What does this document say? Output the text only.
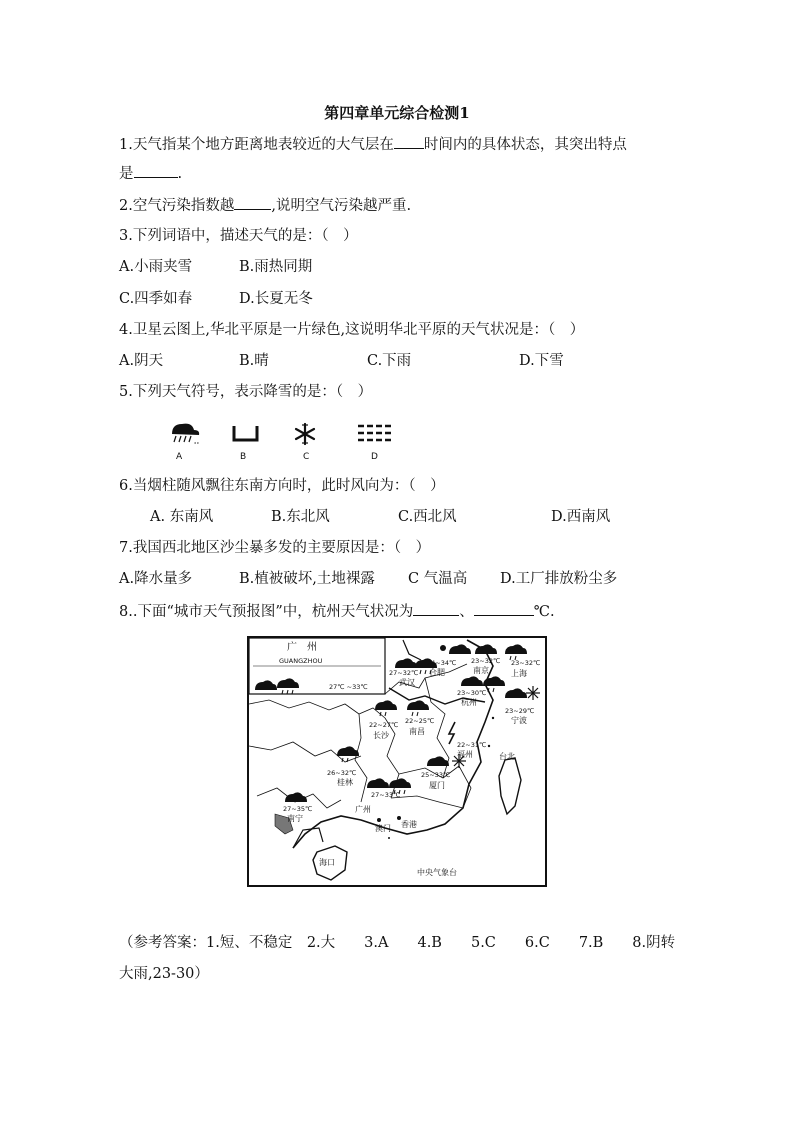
第四章单元综合检测1
1.天气指某个地方距离地表较近的大气层在 时间内的具体状态，其突出特点
是	.
2.空气污染指数越	,说明空气污染越严重.
3.下列词语中，描述天气的是：（　）
A.小雨夹雪	B.雨热同期
C.四季如春	D.长夏无冬
4.卫星云图上,华北平原是一片绿色,这说明华北平原的天气状况是：（　）
A.阴天	B.晴	C.下雨	D.下雪
5.下列天气符号，表示降雪的是：（　）
°°
A	B	C	D
6.当烟柱随风飘往东南方向时，此时风向为：（　）
A. 东南风	B.东北风	C.西北风	D.西南风
7.我国西北地区沙尘暴多发的主要原因是：（　）
A.降水量多	B.植被破坏,土地裸露 C 气温高 D.工厂排放粉尘多
8..下面“城市天气预报图”中，杭州天气状况为	、	℃.
广　州
GUANGZHOU
27℃ ~33℃
27~32℃
武汉
24~34℃
合肥
23~32℃
南京
23~32℃
上海
23~30℃
杭州
23~29℃
宁波
22~27℃
长沙
22~25℃
南昌
22~31℃
福州
25~33℃
厦门
26~32℃
桂林
27~33℃
广州
27~35℃
南宁
澳门 香港
台北
海口
中央气象台
（参考答案：1.短、不稳定　2.大　　3.A　　4.B　　5.C　　6.C　　7.B　　8.阴转
大雨,23-30）
